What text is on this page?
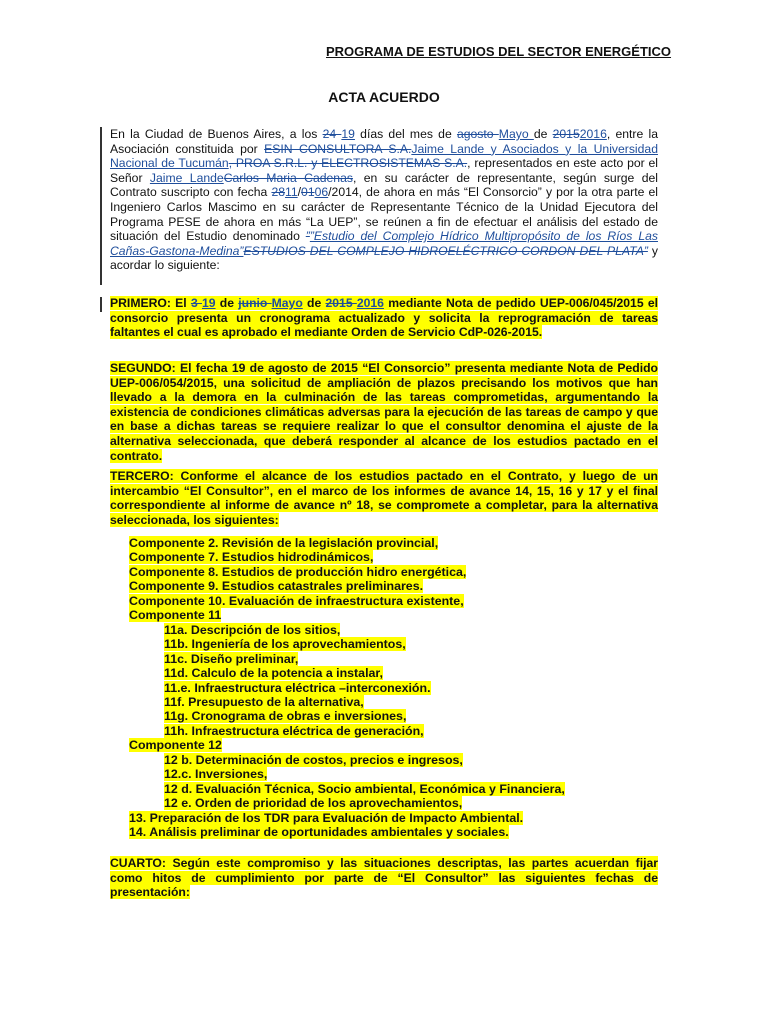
PROGRAMA DE ESTUDIOS DEL SECTOR ENERGÉTICO
ACTA ACUERDO
En la Ciudad de Buenos Aires, a los 24 19 días del mes de agosto Mayo de 20152016, entre la Asociación constituida por ESIN CONSULTORA S.A.Jaime Lande y Asociados y la Universidad Nacional de Tucumán, PROA S.R.L. y ELECTROSISTEMAS S.A., representados en este acto por el Señor Jaime LandeCarlos Maria Cadenas, en su carácter de representante, según surge del Contrato suscripto con fecha 2811/0106/2014, de ahora en más “El Consorcio” y por la otra parte el Ingeniero Carlos Mascimo en su carácter de Representante Técnico de la Unidad Ejecutora del Programa PESE de ahora en más “La UEP”, se reúnen a fin de efectuar el análisis del estado de situación del Estudio denominado ””Estudio del Complejo Hídrico Multipropósito de los Ríos Las Cañas-Gastona-Medina”ESTUDIOS DEL COMPLEJO HIDROELÉCTRICO CORDON DEL PLATA” y acordar lo siguiente:
PRIMERO: El 3 19 de junio Mayo de 2015 2016 mediante Nota de pedido UEP-006/045/2015 el consorcio presenta un cronograma actualizado y solicita la reprogramación de tareas faltantes el cual es aprobado el mediante Orden de Servicio CdP-026-2015.
SEGUNDO: El fecha 19 de agosto de 2015 “El Consorcio” presenta mediante Nota de Pedido UEP-006/054/2015, una solicitud de ampliación de plazos precisando los motivos que han llevado a la demora en la culminación de las tareas comprometidas, argumentando la existencia de condiciones climáticas adversas para la ejecución de las tareas de campo y que en base a dichas tareas se requiere realizar lo que el consultor denomina el ajuste de la alternativa seleccionada, que deberá responder al alcance de los estudios pactado en el contrato.
TERCERO: Conforme el alcance de los estudios pactado en el Contrato, y luego de un intercambio “El Consultor”, en el marco de los informes de avance 14, 15, 16 y 17 y el final correspondiente al informe de avance nº 18, se compromete a completar, para la alternativa seleccionada, los siguientes:
Componente 2. Revisión de la legislación provincial,
Componente 7. Estudios hidrodinámicos,
Componente 8. Estudios de producción hidro energética,
Componente 9. Estudios catastrales preliminares.
Componente 10. Evaluación de infraestructura existente,
Componente 11
11a. Descripción de los sitios,
11b. Ingeniería de los aprovechamientos,
11c. Diseño preliminar,
11d. Calculo de la potencia a instalar,
11.e. Infraestructura eléctrica –interconexión.
11f. Presupuesto de la alternativa,
11g. Cronograma de obras e inversiones,
11h. Infraestructura eléctrica de generación,
Componente 12
12 b. Determinación de costos, precios e ingresos,
12.c. Inversiones,
12 d. Evaluación Técnica, Socio ambiental, Económica y Financiera,
12 e. Orden de prioridad de los aprovechamientos,
13. Preparación de los TDR para Evaluación de Impacto Ambiental.
14. Análisis preliminar de oportunidades ambientales y sociales.
CUARTO: Según este compromiso y las situaciones descriptas, las partes acuerdan fijar como hitos de cumplimiento por parte de “El Consultor” las siguientes fechas de presentación:
